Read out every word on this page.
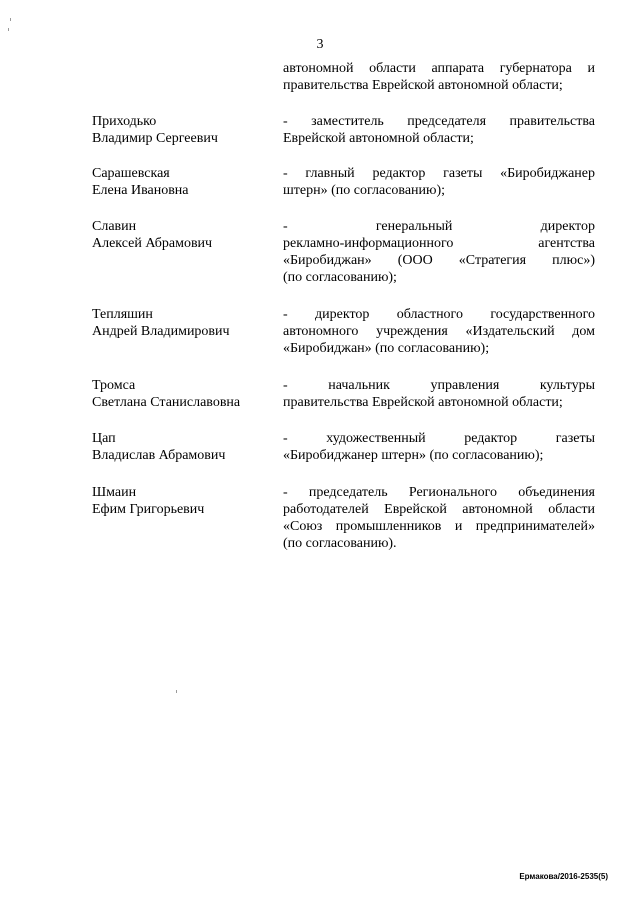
3
автономной области аппарата губернатора и
правительства Еврейской автономной области;
Приходько
Владимир Сергеевич
- заместитель председателя правительства
Еврейской автономной области;
Сарашевская
Елена Ивановна
- главный редактор газеты «Биробиджанер
штерн» (по согласованию);
Славин
Алексей Абрамович
- генеральный директор
рекламно-информационного агентства
«Биробиджан» (ООО «Стратегия плюс»)
(по согласованию);
Тепляшин
Андрей Владимирович
- директор областного государственного
автономного учреждения «Издательский дом
«Биробиджан» (по согласованию);
Тромса
Светлана Станиславовна
- начальник управления культуры
правительства Еврейской автономной области;
Цап
Владислав Абрамович
- художественный редактор газеты
«Биробиджанер штерн» (по согласованию);
Шмаин
Ефим Григорьевич
- председатель Регионального объединения
работодателей Еврейской автономной области
«Союз промышленников и предпринимателей»
(по согласованию).
Ермакова/2016-2535(5)
